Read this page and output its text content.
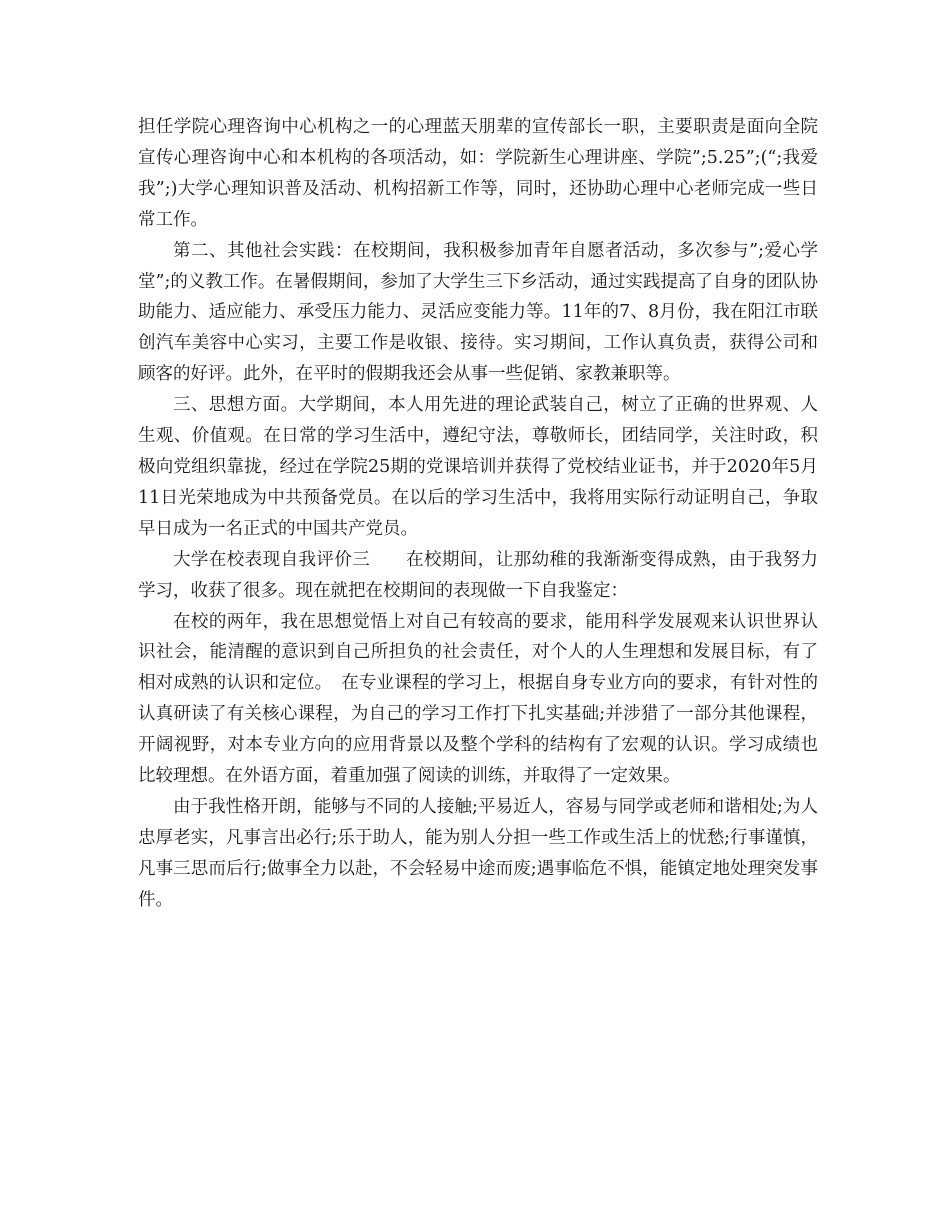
担任学院心理咨询中心机构之一的心理蓝天朋辈的宣传部长一职，主要职责是面向全院宣传心理咨询中心和本机构的各项活动，如：学院新生心理讲座、学院”;5.25”;(“;我爱我”;)大学心理知识普及活动、机构招新工作等，同时，还协助心理中心老师完成一些日常工作。

第二、其他社会实践：在校期间，我积极参加青年自愿者活动，多次参与”;爱心学堂”;的义教工作。在暑假期间，参加了大学生三下乡活动，通过实践提高了自身的团队协助能力、适应能力、承受压力能力、灵活应变能力等。11年的7、8月份，我在阳江市联创汽车美容中心实习，主要工作是收银、接待。实习期间，工作认真负责，获得公司和顾客的好评。此外，在平时的假期我还会从事一些促销、家教兼职等。

三、思想方面。大学期间，本人用先进的理论武装自己，树立了正确的世界观、人生观、价值观。在日常的学习生活中，遵纪守法，尊敬师长，团结同学，关注时政，积极向党组织靠拢，经过在学院25期的党课培训并获得了党校结业证书，并于2020年5月11日光荣地成为中共预备党员。在以后的学习生活中，我将用实际行动证明自己，争取早日成为一名正式的中国共产党员。

大学在校表现自我评价三　　在校期间，让那幼稚的我渐渐变得成熟，由于我努力学习，收获了很多。现在就把在校期间的表现做一下自我鉴定：

在校的两年，我在思想觉悟上对自己有较高的要求，能用科学发展观来认识世界认识社会，能清醒的意识到自己所担负的社会责任，对个人的人生理想和发展目标，有了相对成熟的认识和定位。　在专业课程的学习上，根据自身专业方向的要求，有针对性的认真研读了有关核心课程，为自己的学习工作打下扎实基础;并涉猎了一部分其他课程，开阔视野，对本专业方向的应用背景以及整个学科的结构有了宏观的认识。学习成绩也比较理想。在外语方面，着重加强了阅读的训练，并取得了一定效果。

由于我性格开朗，能够与不同的人接触;平易近人，容易与同学或老师和谐相处;为人忠厚老实，凡事言出必行;乐于助人，能为别人分担一些工作或生活上的忧愁;行事谨慎，凡事三思而后行;做事全力以赴，不会轻易中途而废;遇事临危不惧，能镇定地处理突发事件。
